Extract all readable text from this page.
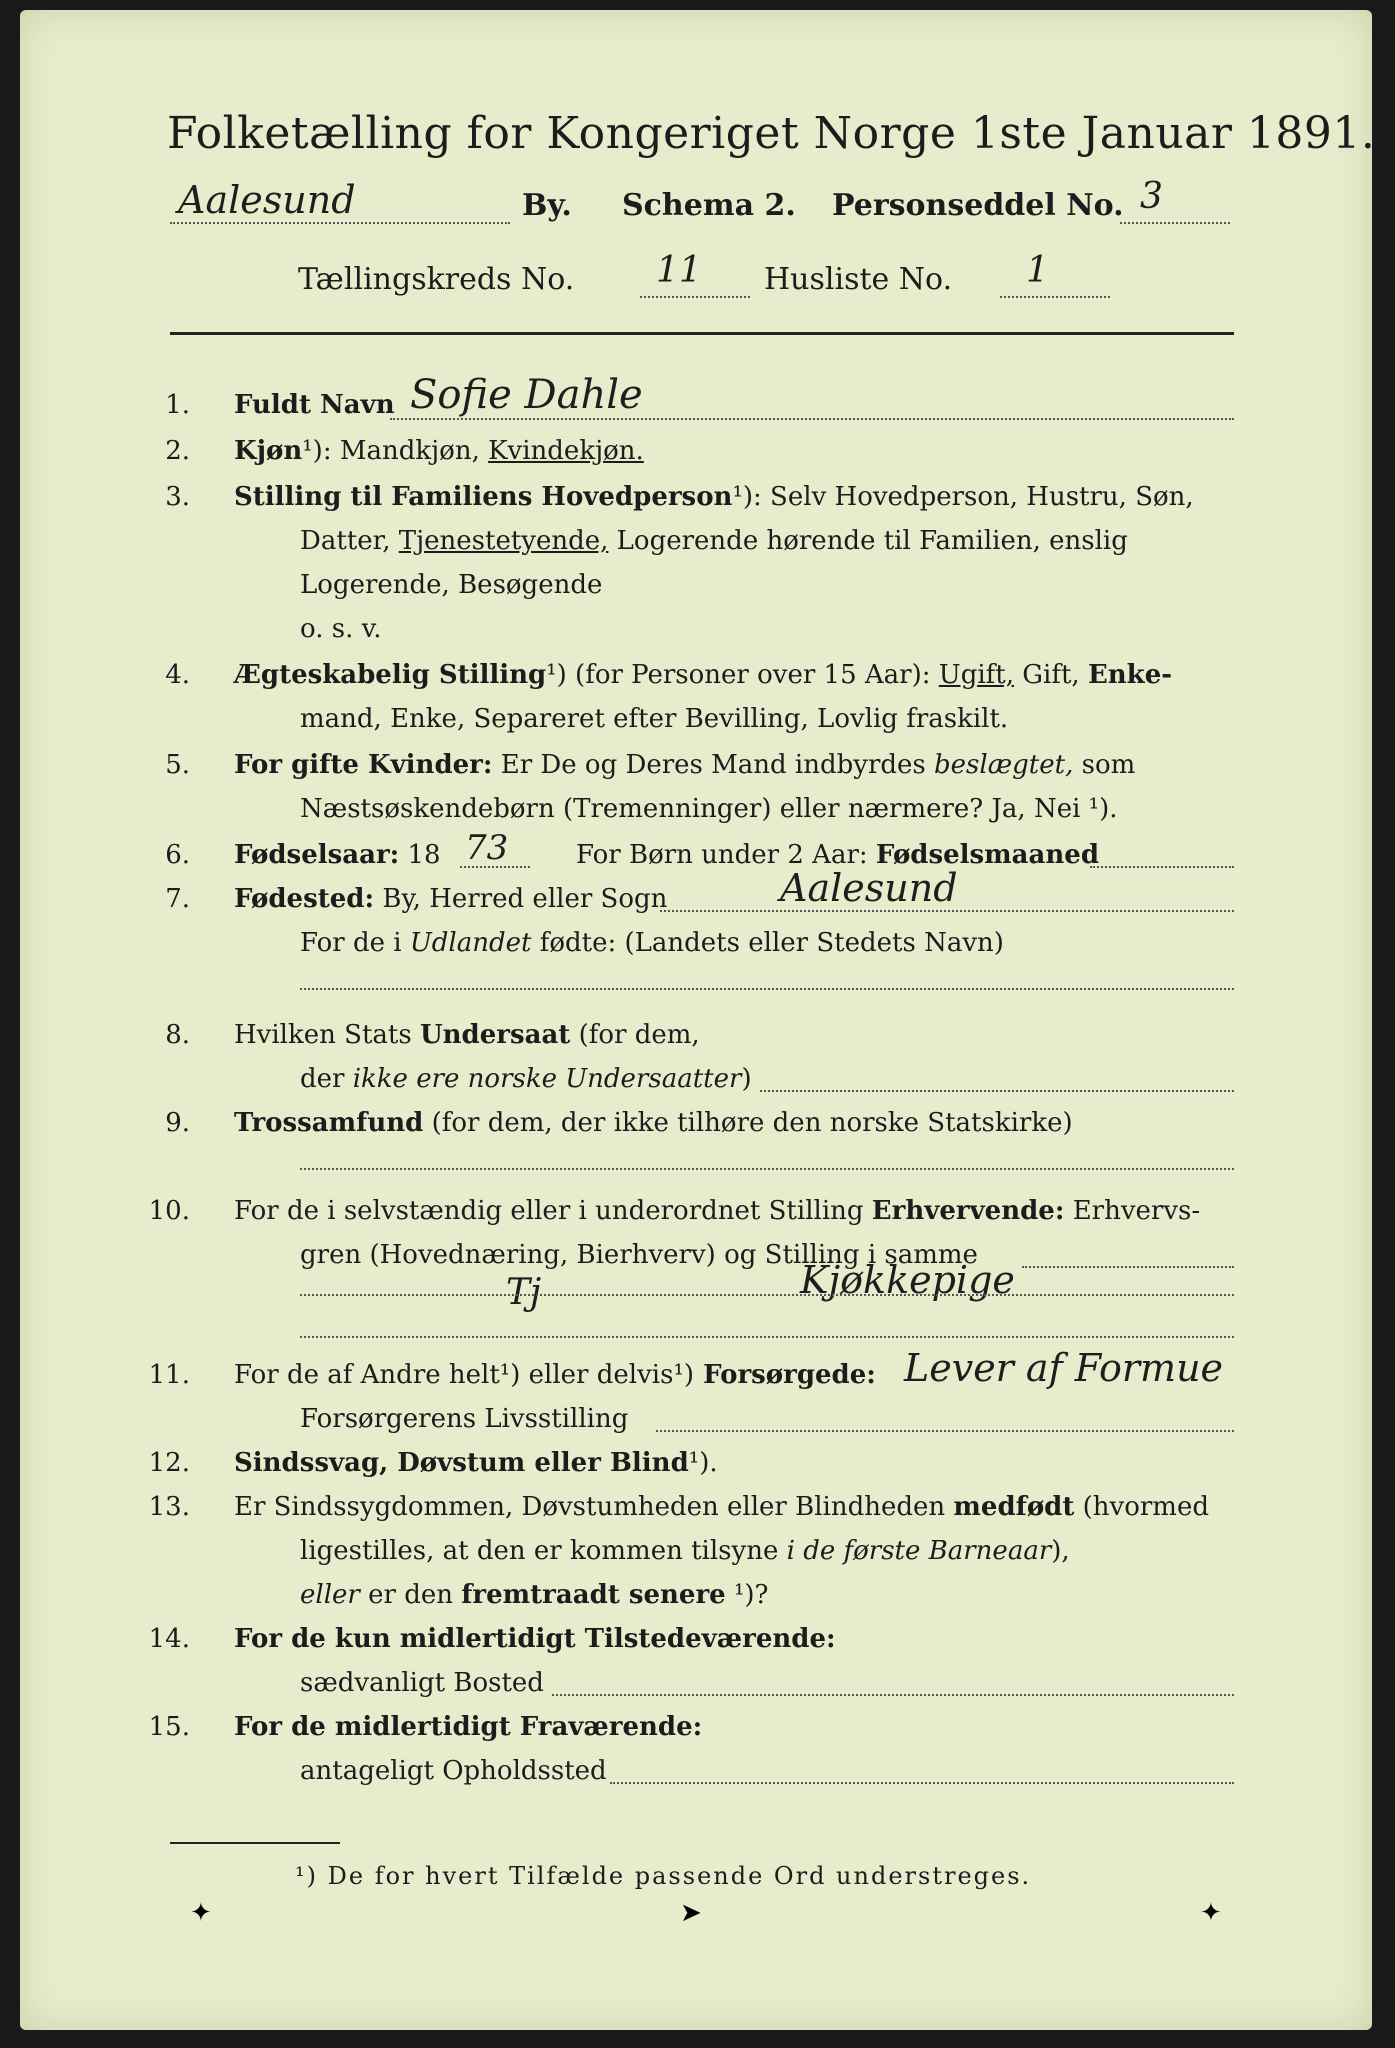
Folketælling for Kongeriget Norge 1ste Januar 1891.
Aalesund	By. Schema 2. Personseddel No. 3
Tællingskreds No. 11 Husliste No. 1
1. Fuldt Navn Sofie Dahle
2. Kjøn¹): Mandkjøn, Kvindekjøn.
3. Stilling til Familiens Hovedperson¹): Selv Hovedperson, Hustru, Søn,
Datter, Tjenestetyende, Logerende hørende til Familien, enslig
Logerende, Besøgende
o. s. v.
4. Ægteskabelig Stilling¹) (for Personer over 15 Aar): Ugift, Gift, Enke-
mand, Enke, Separeret efter Bevilling, Lovlig fraskilt.
5. For gifte Kvinder: Er De og Deres Mand indbyrdes beslægtet, som
Næstsøskendebørn (Tremenninger) eller nærmere? Ja, Nei ¹).
6. Fødselsaar: 18 73	For Børn under 2 Aar: Fødselsmaaned
7. Fødested: By, Herred eller Sogn	Aalesund
For de i Udlandet fødte: (Landets eller Stedets Navn)
8. Hvilken Stats Undersaat (for dem,
der ikke ere norske Undersaatter)
9. Trossamfund (for dem, der ikke tilhøre den norske Statskirke)
10. For de i selvstændig eller i underordnet Stilling Erhvervende: Erhvervs-
gren (Hovednæring, Bierhverv) og Stilling i samme
Tj	Kjøkkepige
11. For de af Andre helt¹) eller delvis¹) Forsørgede: Lever af Formue
Forsørgerens Livsstilling
12. Sindssvag, Døvstum eller Blind¹).
13. Er Sindssygdommen, Døvstumheden eller Blindheden medfødt (hvormed
ligestilles, at den er kommen tilsyne i de første Barneaar),
eller er den fremtraadt senere ¹)?
14. For de kun midlertidigt Tilstedeværende:
sædvanligt Bosted
15. For de midlertidigt Fraværende:
antageligt Opholdssted
¹) De for hvert Tilfælde passende Ord understreges.
✦	➤	✦
